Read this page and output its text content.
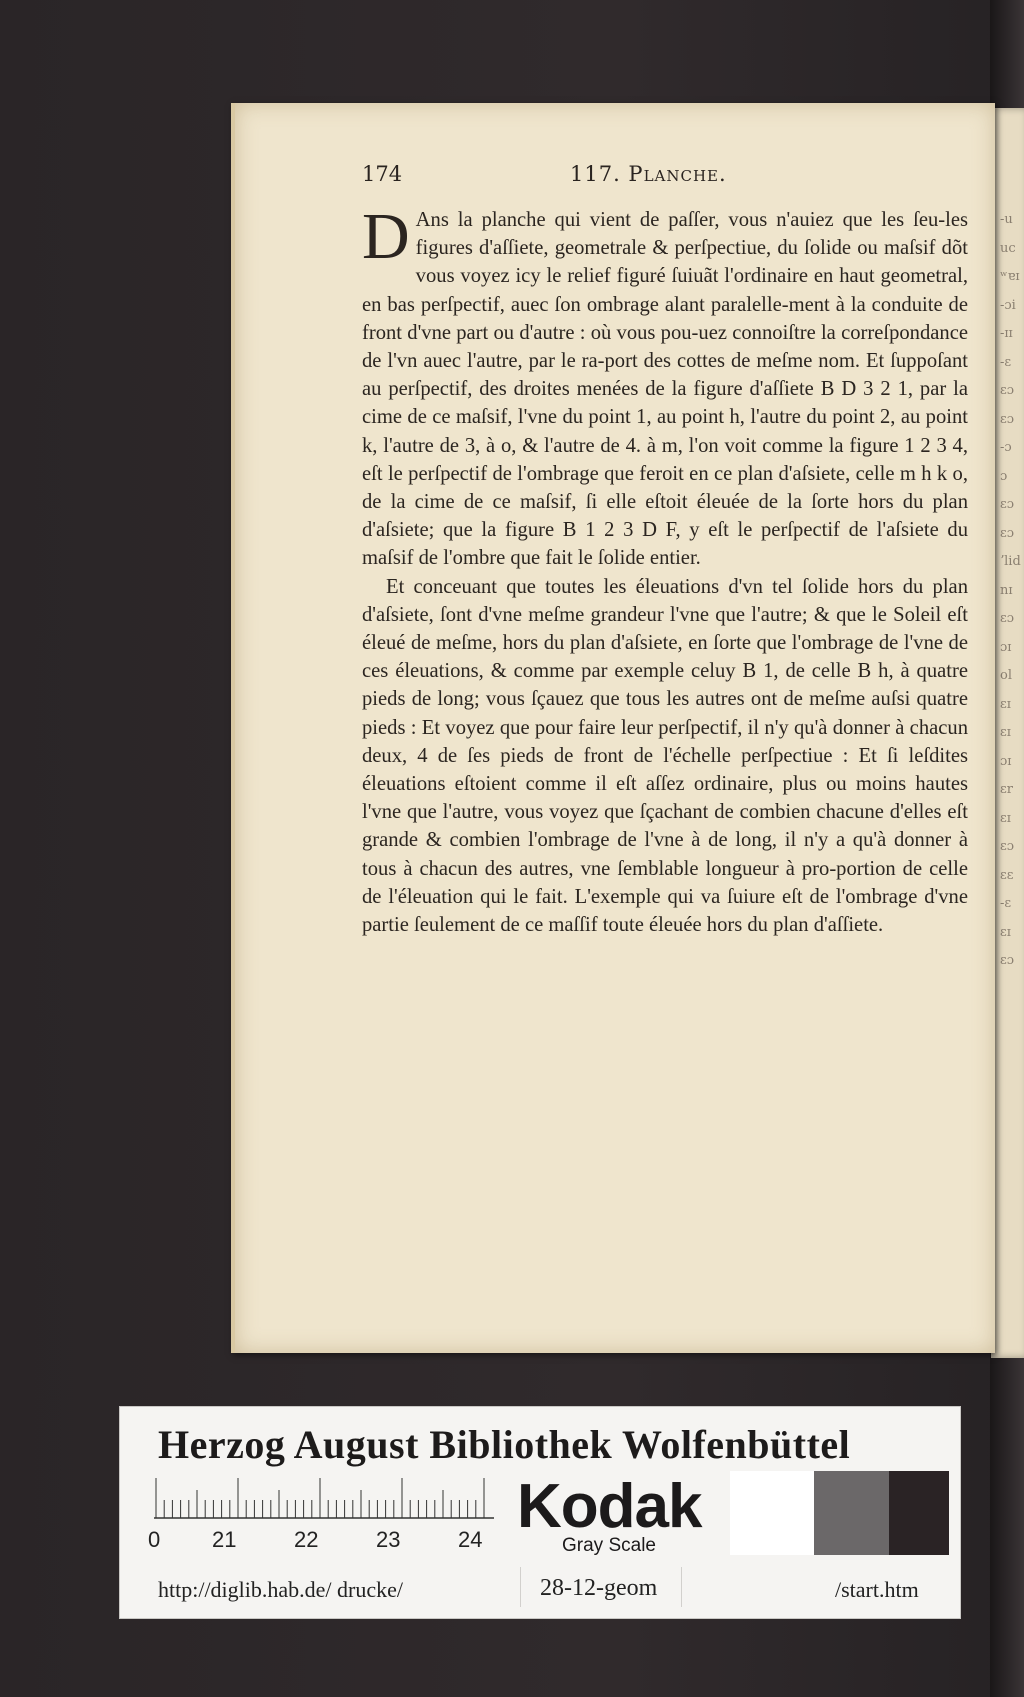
-u
uc
ʷɐɪ
-ɔi
-ɪɪ
-ɛ
ɛɔ
ɛɔ
-ɔ
ɔ
ɛɔ
ɛɔ
ʼlid
nɪ
ɛɔ
ɔɪ
ol
ɛɪ
ɛɪ
ɔɪ
ɛr
ɛɪ
ɛɔ
ɛɛ
-ɛ
ɛɪ
ɛɔ
174	117. Planche.

D Ans la planche qui vient de paſſer, vous n'auiez que les ſeu-les figures d'aſſiete, geometrale & perſpectiue, du ſolide ou maſsif dõt vous voyez icy le relief figuré ſuiuãt l'ordinaire en haut geometral, en bas perſpectif, auec ſon ombrage alant paralelle-ment à la conduite de front d'vne part ou d'autre : où vous pou-uez connoiſtre la correſpondance de l'vn auec l'autre, par le ra-port des cottes de meſme nom. Et ſuppoſant au perſpectif, des droites menées de la figure d'aſſiete B D 3 2 1, par la cime de ce maſsif, l'vne du point 1, au point h, l'autre du point 2, au point k, l'autre de 3, à o, & l'autre de 4. à m, l'on voit comme la figure 1 2 3 4, eſt le perſpectif de l'ombrage que feroit en ce plan d'aſsiete, celle m h k o, de la cime de ce maſsif, ſi elle eſtoit éleuée de la ſorte hors du plan d'aſsiete; que la figure B 1 2 3 D F, y eſt le perſpectif de l'aſsiete du maſsif de l'ombre que fait le ſolide entier.

Et conceuant que toutes les éleuations d'vn tel ſolide hors du plan d'aſsiete, ſont d'vne meſme grandeur l'vne que l'autre; & que le Soleil eſt éleué de meſme, hors du plan d'aſsiete, en ſorte que l'ombrage de l'vne de ces éleuations, & comme par exemple celuy B 1, de celle B h, à quatre pieds de long; vous ſçauez que tous les autres ont de meſme auſsi quatre pieds : Et voyez que pour faire leur perſpectif, il n'y qu'à donner à chacun deux, 4 de ſes pieds de front de l'échelle perſpectiue : Et ſi leſdites éleuations eſtoient comme il eſt aſſez ordinaire, plus ou moins hautes l'vne que l'autre, vous voyez que ſçachant de combien chacune d'elles eſt grande & combien l'ombrage de l'vne à de long, il n'y a qu'à donner à tous à chacun des autres, vne ſemblable longueur à pro-portion de celle de l'éleuation qui le fait. L'exemple qui va ſuiure eſt de l'ombrage d'vne partie ſeulement de ce maſſif toute éleuée hors du plan d'aſſiete.

Herzog August Bibliothek Wolfenbüttel
0 21	22	23	24 Kodak
Gray Scale
http://diglib.hab.de/ drucke/	28-12-geom	/start.htm
